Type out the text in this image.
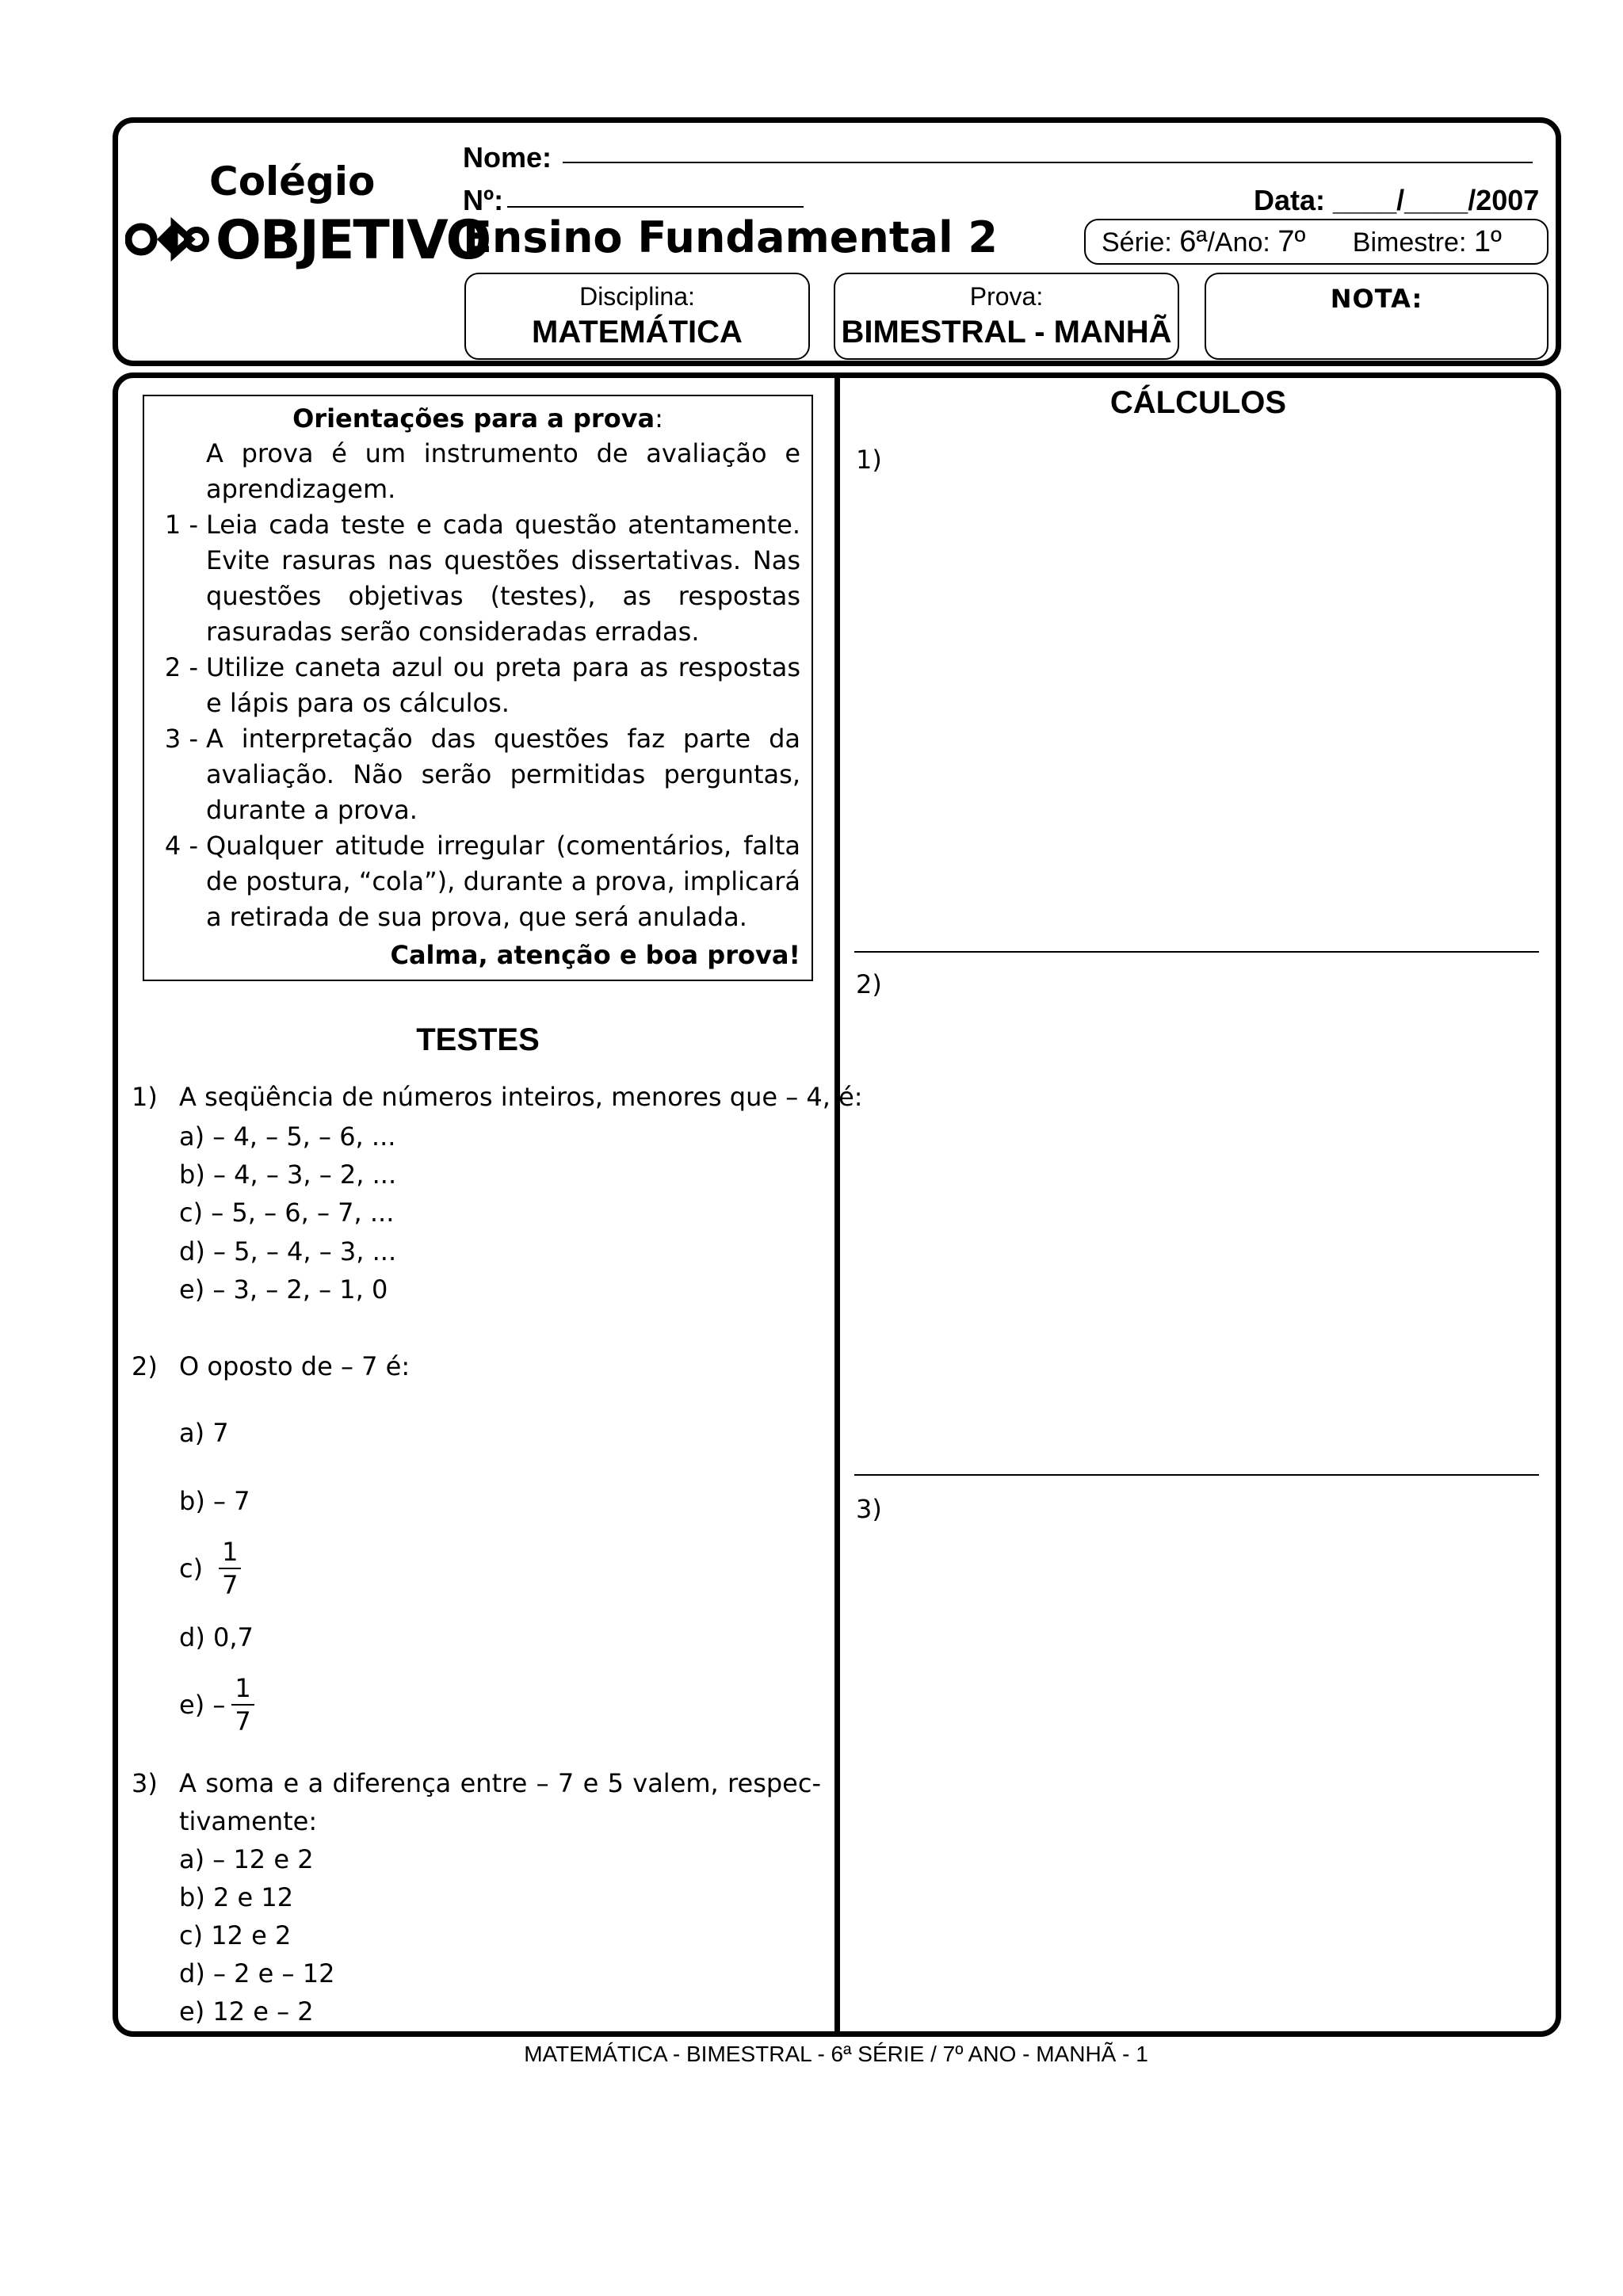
Colégio
OBJETIVO
Nome:
Nº:	Data: ____/____/2007
Ensino Fundamental 2	Série: 6ª/Ano: 7º Bimestre: 1º
Disciplina:
MATEMÁTICA
Prova:
BIMESTRAL - MANHÃ
NOTA:
Orientações para a prova:
A prova é um instrumento de avaliação e aprendizagem.
1 - Leia cada teste e cada questão atentamente. Evite rasuras nas questões dissertativas. Nas questões objetivas (testes), as respostas rasuradas serão consideradas erradas.
2 - Utilize caneta azul ou preta para as respostas e lápis para os cálculos.
3 - A interpretação das questões faz parte da avaliação. Não serão permitidas perguntas, durante a prova.
4 - Qualquer atitude irregular (comentários, falta de postura, “cola”), durante a prova, implicará a retirada de sua prova, que será anulada.
Calma, atenção e boa prova!
TESTES
1) A seqüência de números inteiros, menores que – 4, é:
a) – 4, – 5, – 6, ...
b) – 4, – 3, – 2, ...
c) – 5, – 6, – 7, ...
d) – 5, – 4, – 3, ...
e) – 3, – 2, – 1, 0
2) O oposto de – 7 é:
a) 7
b) – 7
$c) \frac{1}{7}$
d) 0,7
$e) - \frac{1}{7}$
3) A soma e a diferença entre – 7 e 5 valem, respec-
tivamente:
a) – 12 e 2
b) 2 e 12
c) 12 e 2
d) – 2 e – 12
e) 12 e – 2
CÁLCULOS
1)
2)
3)
MATEMÁTICA - BIMESTRAL - 6ª SÉRIE / 7º ANO - MANHÃ - 1
